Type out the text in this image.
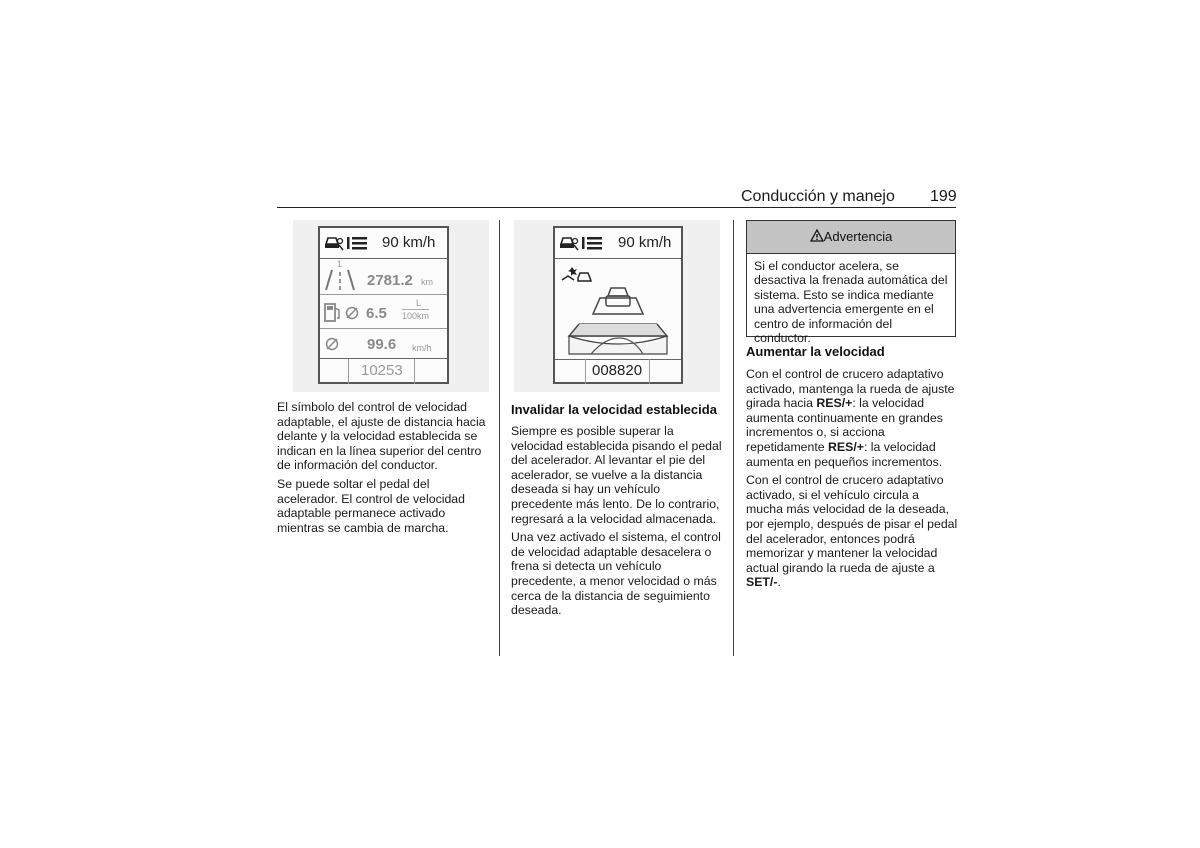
Conducción y manejo 199
90 km/h
1
2781.2 km
6.5
L
100km
99.6 km/h
10253
90 km/h
008820

El símbolo del control de velocidad adaptable, el ajuste de distancia hacia delante y la velocidad establecida se indican en la línea superior del centro de información del conductor.

Se puede soltar el pedal del acelerador. El control de velocidad adaptable permanece activado mientras se cambia de marcha.

Invalidar la velocidad establecida

Siempre es posible superar la velocidad establecida pisando el pedal del acelerador. Al levantar el pie del acelerador, se vuelve a la distancia deseada si hay un vehículo precedente más lento. De lo contrario, regresará a la velocidad almacenada.

Una vez activado el sistema, el control de velocidad adaptable desacelera o frena si detecta un vehículo precedente, a menor velocidad o más cerca de la distancia de seguimiento deseada.

Advertencia
Si el conductor acelera, se desactiva la frenada automática del sistema. Esto se indica mediante una advertencia emergente en el centro de información del conductor.
Aumentar la velocidad

Con el control de crucero adaptativo activado, mantenga la rueda de ajuste girada hacia RES/+: la velocidad aumenta continuamente en grandes incrementos o, si acciona repetidamente RES/+: la velocidad aumenta en pequeños incrementos.

Con el control de crucero adaptativo activado, si el vehículo circula a mucha más velocidad de la deseada, por ejemplo, después de pisar el pedal del acelerador, entonces podrá memorizar y mantener la velocidad actual girando la rueda de ajuste a SET/-.
